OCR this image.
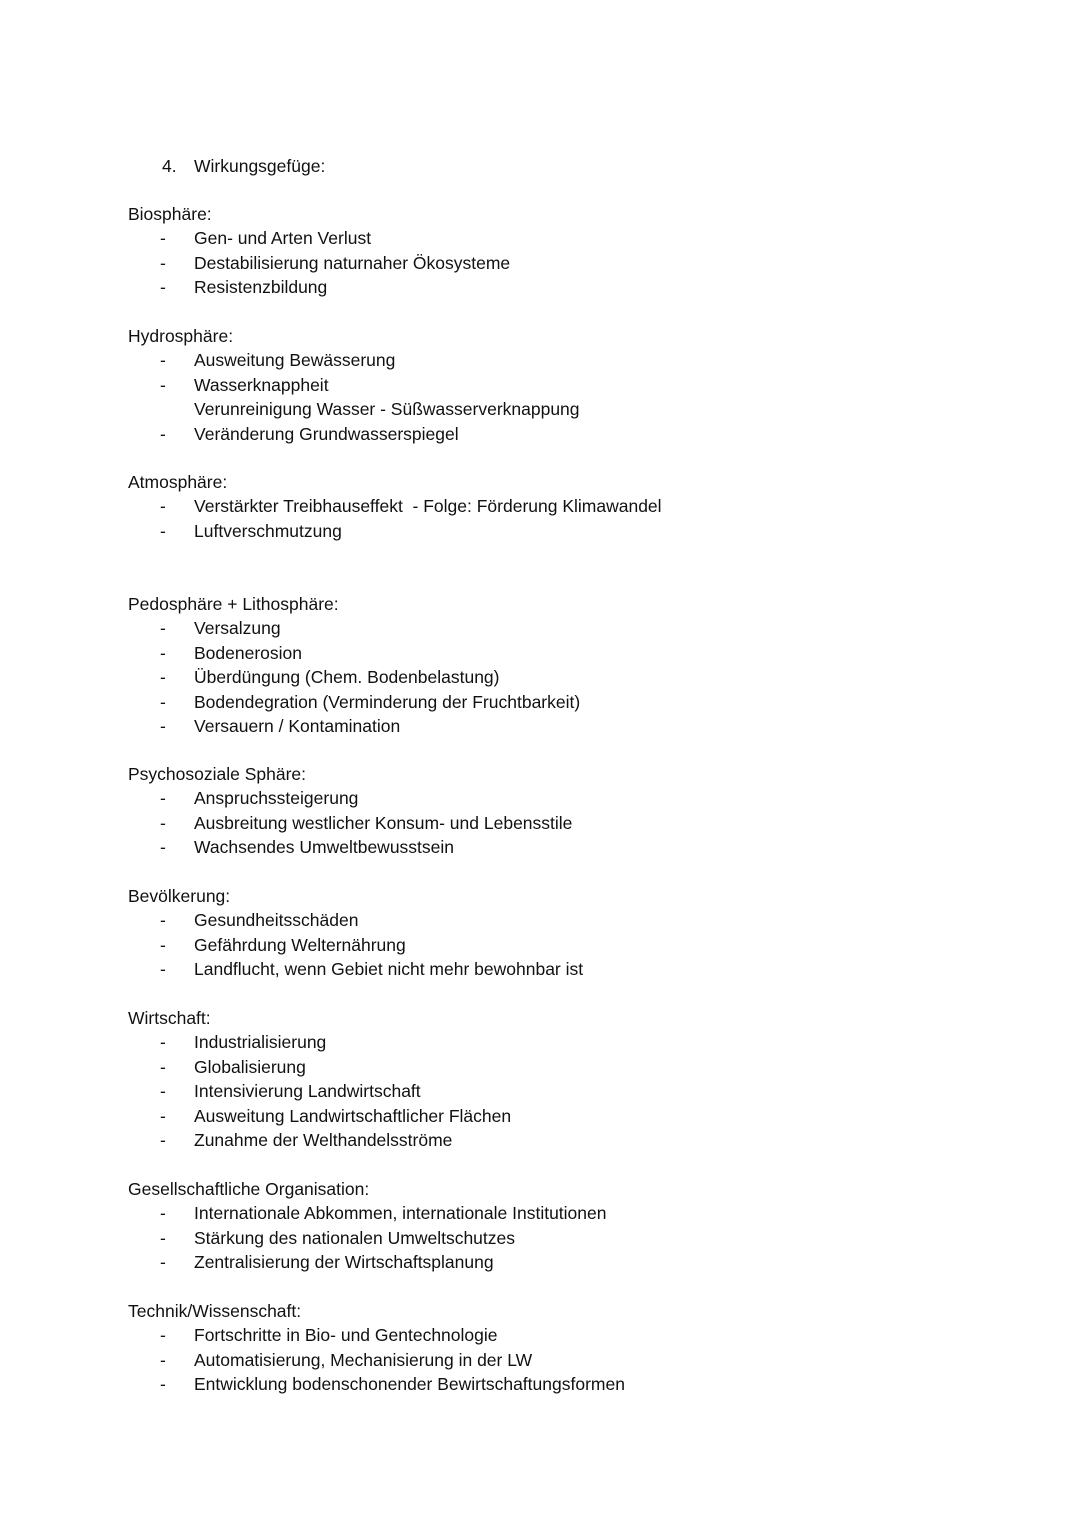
4. Wirkungsgefüge:
Biosphäre:
- Gen- und Arten Verlust
- Destabilisierung naturnaher Ökosysteme
- Resistenzbildung
Hydrosphäre:
- Ausweitung Bewässerung
- Wasserknappheit
Verunreinigung Wasser - Süßwasserverknappung
- Veränderung Grundwasserspiegel
Atmosphäre:
- Verstärkter Treibhauseffekt  - Folge: Förderung Klimawandel
- Luftverschmutzung
Pedosphäre + Lithosphäre:
- Versalzung
- Bodenerosion
- Überdüngung (Chem. Bodenbelastung)
- Bodendegration (Verminderung der Fruchtbarkeit)
- Versauern / Kontamination
Psychosoziale Sphäre:
- Anspruchssteigerung
- Ausbreitung westlicher Konsum- und Lebensstile
- Wachsendes Umweltbewusstsein
Bevölkerung:
- Gesundheitsschäden
- Gefährdung Welternährung
- Landflucht, wenn Gebiet nicht mehr bewohnbar ist
Wirtschaft:
- Industrialisierung
- Globalisierung
- Intensivierung Landwirtschaft
- Ausweitung Landwirtschaftlicher Flächen
- Zunahme der Welthandelsströme
Gesellschaftliche Organisation:
- Internationale Abkommen, internationale Institutionen
- Stärkung des nationalen Umweltschutzes
- Zentralisierung der Wirtschaftsplanung
Technik/Wissenschaft:
- Fortschritte in Bio- und Gentechnologie
- Automatisierung, Mechanisierung in der LW
- Entwicklung bodenschonender Bewirtschaftungsformen
